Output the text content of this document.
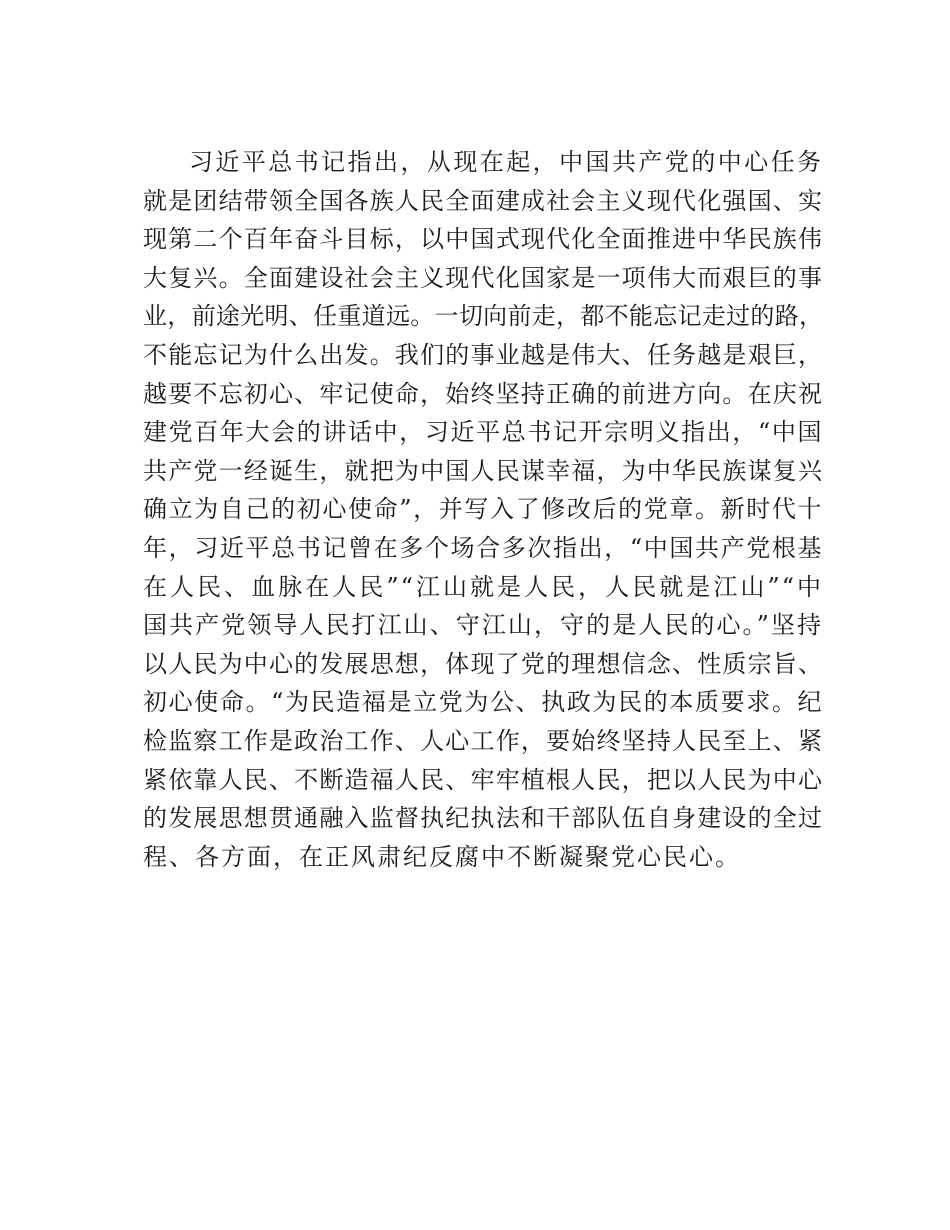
习近平总书记指出，从现在起，中国共产党的中心任务
就是团结带领全国各族人民全面建成社会主义现代化强国、实
现第二个百年奋斗目标，以中国式现代化全面推进中华民族伟
大复兴。全面建设社会主义现代化国家是一项伟大而艰巨的事
业，前途光明、任重道远。一切向前走，都不能忘记走过的路，
不能忘记为什么出发。我们的事业越是伟大、任务越是艰巨，
越要不忘初心、牢记使命，始终坚持正确的前进方向。在庆祝
建党百年大会的讲话中，习近平总书记开宗明义指出，“中国
共产党一经诞生，就把为中国人民谋幸福，为中华民族谋复兴
确立为自己的初心使命”，并写入了修改后的党章。新时代十
年，习近平总书记曾在多个场合多次指出，“中国共产党根基
在人民、血脉在人民”“江山就是人民，人民就是江山”“中
国共产党领导人民打江山、守江山，守的是人民的心。”坚持
以人民为中心的发展思想，体现了党的理想信念、性质宗旨、
初心使命。“为民造福是立党为公、执政为民的本质要求。纪
检监察工作是政治工作、人心工作，要始终坚持人民至上、紧
紧依靠人民、不断造福人民、牢牢植根人民，把以人民为中心
的发展思想贯通融入监督执纪执法和干部队伍自身建设的全过
程、各方面，在正风肃纪反腐中不断凝聚党心民心。
